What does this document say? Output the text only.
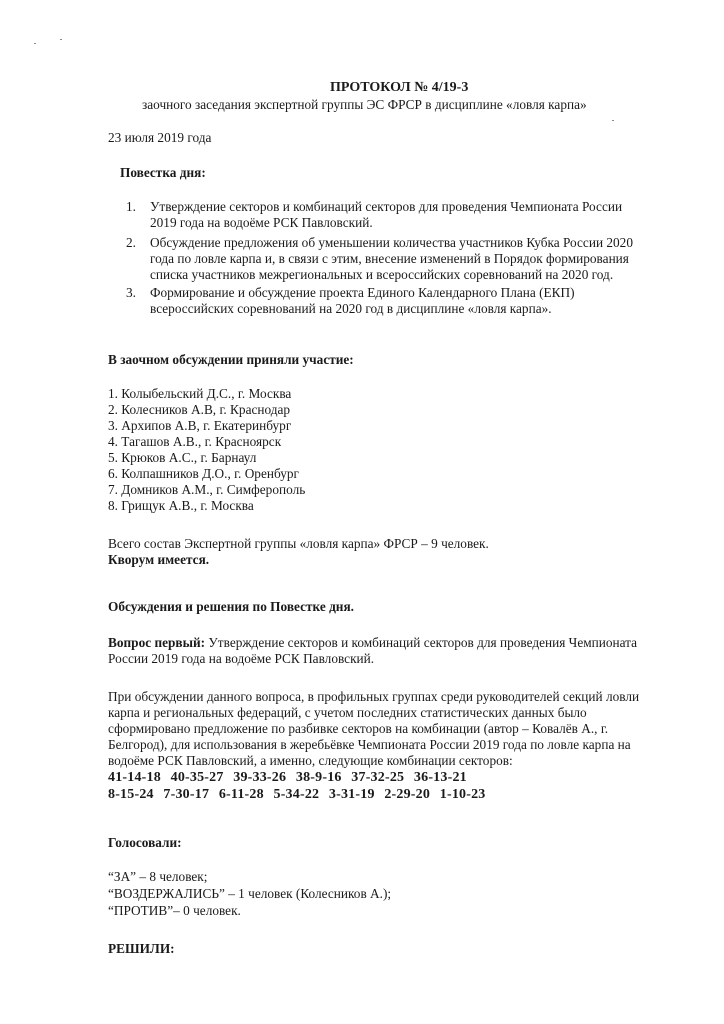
ПРОТОКОЛ № 4/19-3
заочного заседания экспертной группы ЭС ФРСР в дисциплине «ловля карпа»
23 июля 2019 года
Повестка дня:
1. Утверждение секторов и комбинаций секторов для проведения Чемпионата России
2019 года на водоёме РСК Павловский.
2. Обсуждение предложения об уменьшении количества участников Кубка России 2020
года по ловле карпа и, в связи с этим, внесение изменений в Порядок формирования
списка участников межрегиональных и всероссийских соревнований на 2020 год.
3. Формирование и обсуждение проекта Единого Календарного Плана (ЕКП)
всероссийских соревнований на 2020 год в дисциплине «ловля карпа».
В заочном обсуждении приняли участие:
1. Колыбельский Д.С., г. Москва
2. Колесников А.В, г. Краснодар
3. Архипов А.В, г. Екатеринбург
4. Тагашов А.В., г. Красноярск
5. Крюков А.С., г. Барнаул
6. Колпашников Д.О., г. Оренбург
7. Домников А.М., г. Симферополь
8. Грищук А.В., г. Москва
Всего состав Экспертной группы «ловля карпа» ФРСР – 9 человек.
Кворум имеется.
Обсуждения и решения по Повестке дня.
Вопрос первый: Утверждение секторов и комбинаций секторов для проведения Чемпионата
России 2019 года на водоёме РСК Павловский.
При обсуждении данного вопроса, в профильных группах среди руководителей секций ловли
карпа и региональных федераций, с учетом последних статистических данных было
сформировано предложение по разбивке секторов на комбинации (автор – Ковалёв А., г.
Белгород), для использования в жеребьёвке Чемпионата России 2019 года по ловле карпа на
водоёме РСК Павловский, а именно, следующие комбинации секторов:
41-14-18 40-35-27 39-33-26 38-9-16 37-32-25 36-13-21
8-15-24 7-30-17 6-11-28 5-34-22 3-31-19 2-29-20 1-10-23
Голосовали:
“ЗА” – 8 человек;
“ВОЗДЕРЖАЛИСЬ” – 1 человек (Колесников А.);
“ПРОТИВ”– 0 человек.
РЕШИЛИ:
